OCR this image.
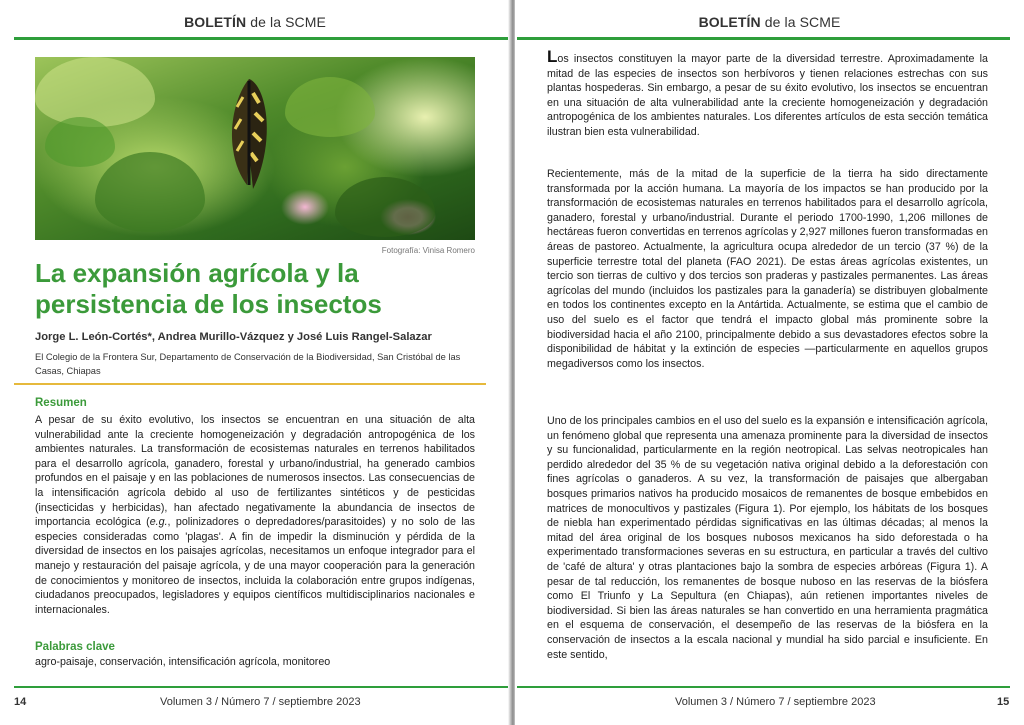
BOLETÍN de la SCME
Fotografía: Vinisa Romero
La expansión agrícola y la persistencia de los insectos
Jorge L. León-Cortés*, Andrea Murillo-Vázquez y José Luis Rangel-Salazar
El Colegio de la Frontera Sur, Departamento de Conservación de la Biodiversidad, San Cristóbal de las Casas, Chiapas
Resumen

A pesar de su éxito evolutivo, los insectos se encuentran en una situación de alta vulnerabilidad ante la creciente homogeneización y degradación antropogénica de los ambientes naturales. La transformación de ecosistemas naturales en terrenos habilitados para el desarrollo agrícola, ganadero, forestal y urbano/industrial, ha generado cambios profundos en el paisaje y en las poblaciones de numerosos insectos. Las consecuencias de la intensificación agrícola debido al uso de fertilizantes sintéticos y de pesticidas (insecticidas y herbicidas), han afectado negativamente la abundancia de insectos de importancia ecológica (e.g., polinizadores o depredadores/parasitoides) y no solo de las especies consideradas como 'plagas'. A fin de impedir la disminución y pérdida de la diversidad de insectos en los paisajes agrícolas, necesitamos un enfoque integrador para el manejo y restauración del paisaje agrícola, y de una mayor cooperación para la generación de conocimientos y monitoreo de insectos, incluida la colaboración entre grupos indígenas, ciudadanos preocupados, legisladores y equipos científicos multidisciplinarios nacionales e internacionales.

Palabras clave
agro-paisaje, conservación, intensificación agrícola, monitoreo
14	Volumen 3 / Número 7 / septiembre 2023
BOLETÍN de la SCME

Los insectos constituyen la mayor parte de la diversidad terrestre. Aproximadamente la mitad de las especies de insectos son herbívoros y tienen relaciones estrechas con sus plantas hospederas. Sin embargo, a pesar de su éxito evolutivo, los insectos se encuentran en una situación de alta vulnerabilidad ante la creciente homogeneización y degradación antropogénica de los ambientes naturales. Los diferentes artículos de esta sección temática ilustran bien esta vulnerabilidad.

Recientemente, más de la mitad de la superficie de la tierra ha sido directamente transformada por la acción humana. La mayoría de los impactos se han producido por la transformación de ecosistemas naturales en terrenos habilitados para el desarrollo agrícola, ganadero, forestal y urbano/industrial. Durante el periodo 1700-1990, 1,206 millones de hectáreas fueron convertidas en terrenos agrícolas y 2,927 millones fueron transformadas en áreas de pastoreo. Actualmente, la agricultura ocupa alrededor de un tercio (37 %) de la superficie terrestre total del planeta (FAO 2021). De estas áreas agrícolas existentes, un tercio son tierras de cultivo y dos tercios son praderas y pastizales permanentes. Las áreas agrícolas del mundo (incluidos los pastizales para la ganadería) se distribuyen globalmente en todos los continentes excepto en la Antártida. Actualmente, se estima que el cambio de uso del suelo es el factor que tendrá el impacto global más prominente sobre la biodiversidad hacia el año 2100, principalmente debido a sus devastadores efectos sobre la disponibilidad de hábitat y la extinción de especies —particularmente en aquellos grupos megadiversos como los insectos.

Uno de los principales cambios en el uso del suelo es la expansión e intensificación agrícola, un fenómeno global que representa una amenaza prominente para la diversidad de insectos y su funcionalidad, particularmente en la región neotropical. Las selvas neotropicales han perdido alrededor del 35 % de su vegetación nativa original debido a la deforestación con fines agrícolas o ganaderos. A su vez, la transformación de paisajes que albergaban bosques primarios nativos ha producido mosaicos de remanentes de bosque embebidos en matrices de monocultivos y pastizales (Figura 1). Por ejemplo, los hábitats de los bosques de niebla han experimentado pérdidas significativas en las últimas décadas; al menos la mitad del área original de los bosques nubosos mexicanos ha sido deforestada o ha experimentado transformaciones severas en su estructura, en particular a través del cultivo de 'café de altura' y otras plantaciones bajo la sombra de especies arbóreas (Figura 1). A pesar de tal reducción, los remanentes de bosque nuboso en las reservas de la biósfera como El Triunfo y La Sepultura (en Chiapas), aún retienen importantes niveles de biodiversidad. Si bien las áreas naturales se han convertido en una herramienta pragmática en el esquema de conservación, el desempeño de las reservas de la biósfera en la conservación de insectos a la escala nacional y mundial ha sido parcial e insuficiente. En este sentido,

Volumen 3 / Número 7 / septiembre 2023	15
